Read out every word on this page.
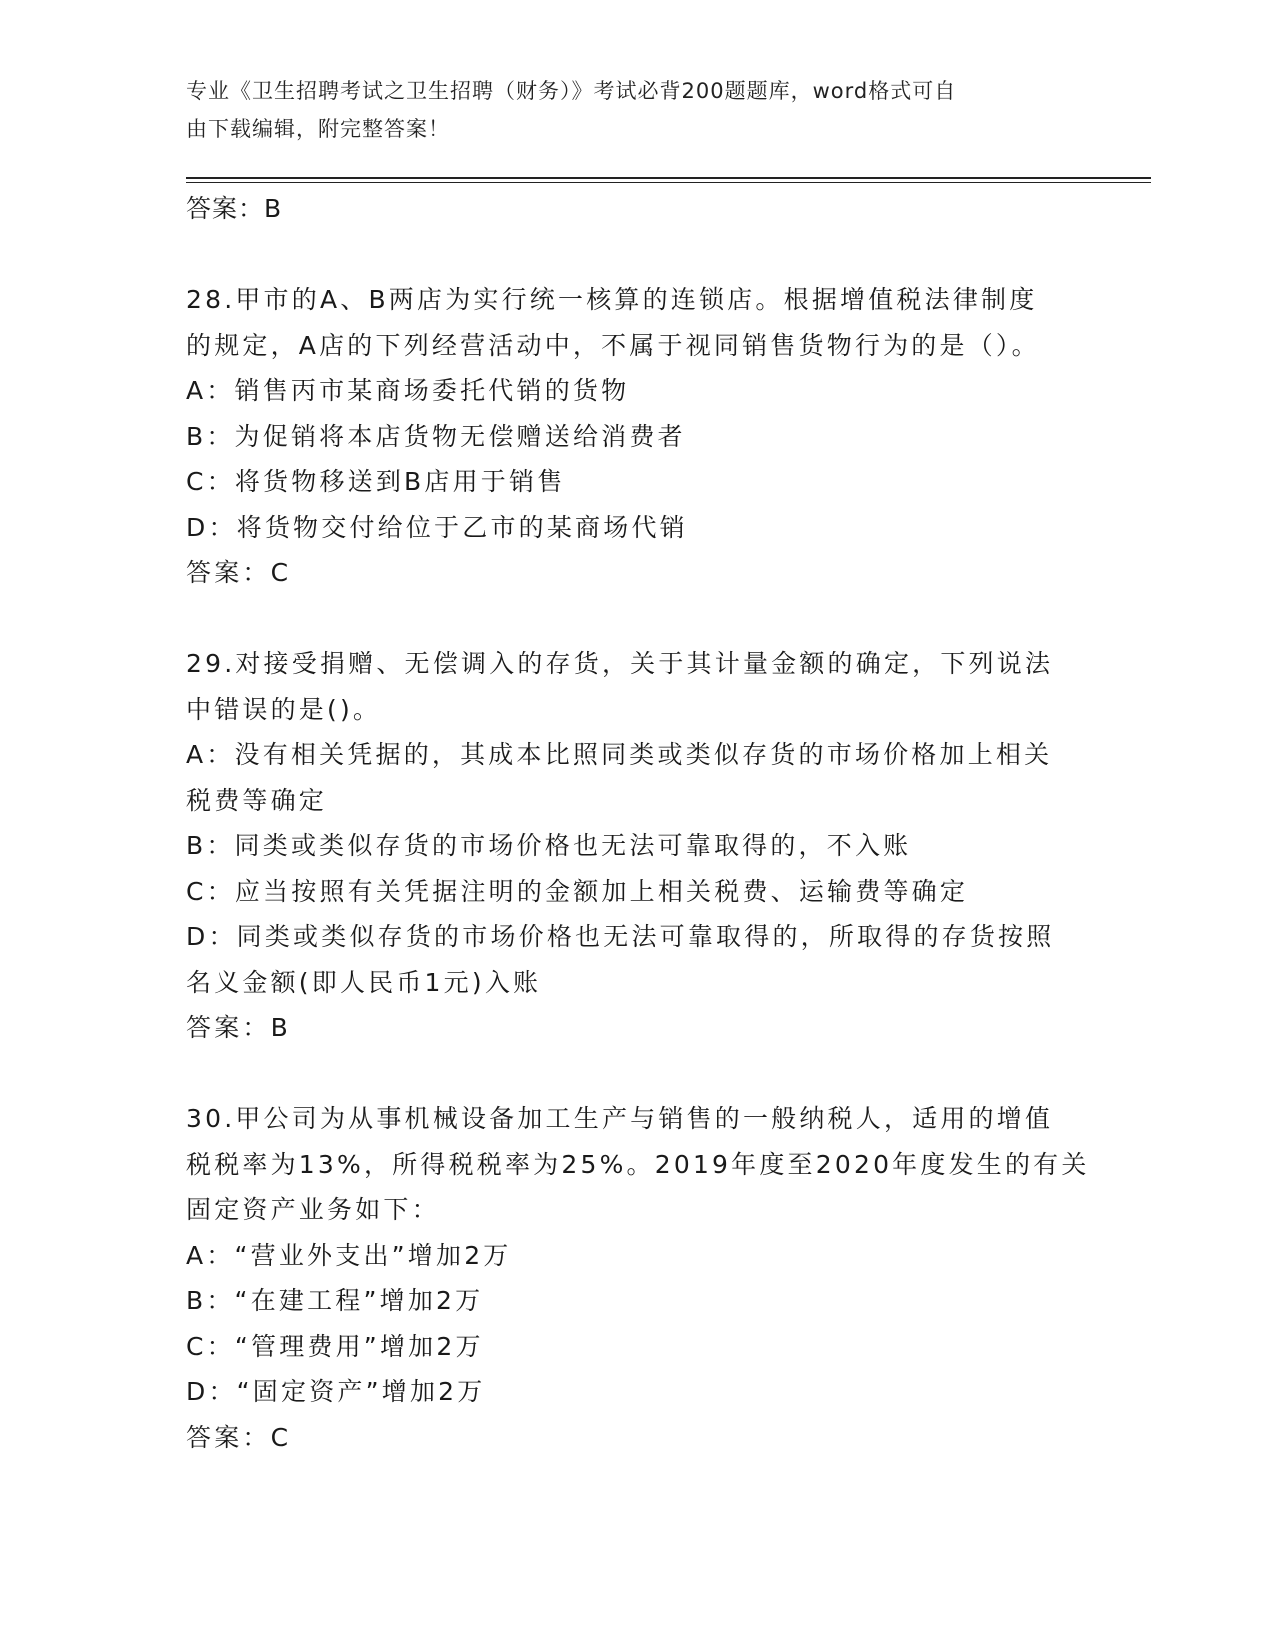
专业《卫生招聘考试之卫生招聘（财务）》考试必背200题题库，word格式可自
由下载编辑，附完整答案！
答案：B
28.甲市的A、B两店为实行统一核算的连锁店。根据增值税法律制度
的规定，A店的下列经营活动中，不属于视同销售货物行为的是（）。
A：销售丙市某商场委托代销的货物
B：为促销将本店货物无偿赠送给消费者
C：将货物移送到B店用于销售
D：将货物交付给位于乙市的某商场代销
答案：C
29.对接受捐赠、无偿调入的存货，关于其计量金额的确定，下列说法
中错误的是()。
A：没有相关凭据的，其成本比照同类或类似存货的市场价格加上相关
税费等确定
B：同类或类似存货的市场价格也无法可靠取得的，不入账
C：应当按照有关凭据注明的金额加上相关税费、运输费等确定
D：同类或类似存货的市场价格也无法可靠取得的，所取得的存货按照
名义金额(即人民币1元)入账
答案：B
30.甲公司为从事机械设备加工生产与销售的一般纳税人，适用的增值
税税率为13%，所得税税率为25%。2019年度至2020年度发生的有关
固定资产业务如下：
A：“营业外支出”增加2万
B：“在建工程”增加2万
C：“管理费用”增加2万
D：“固定资产”增加2万
答案：C
